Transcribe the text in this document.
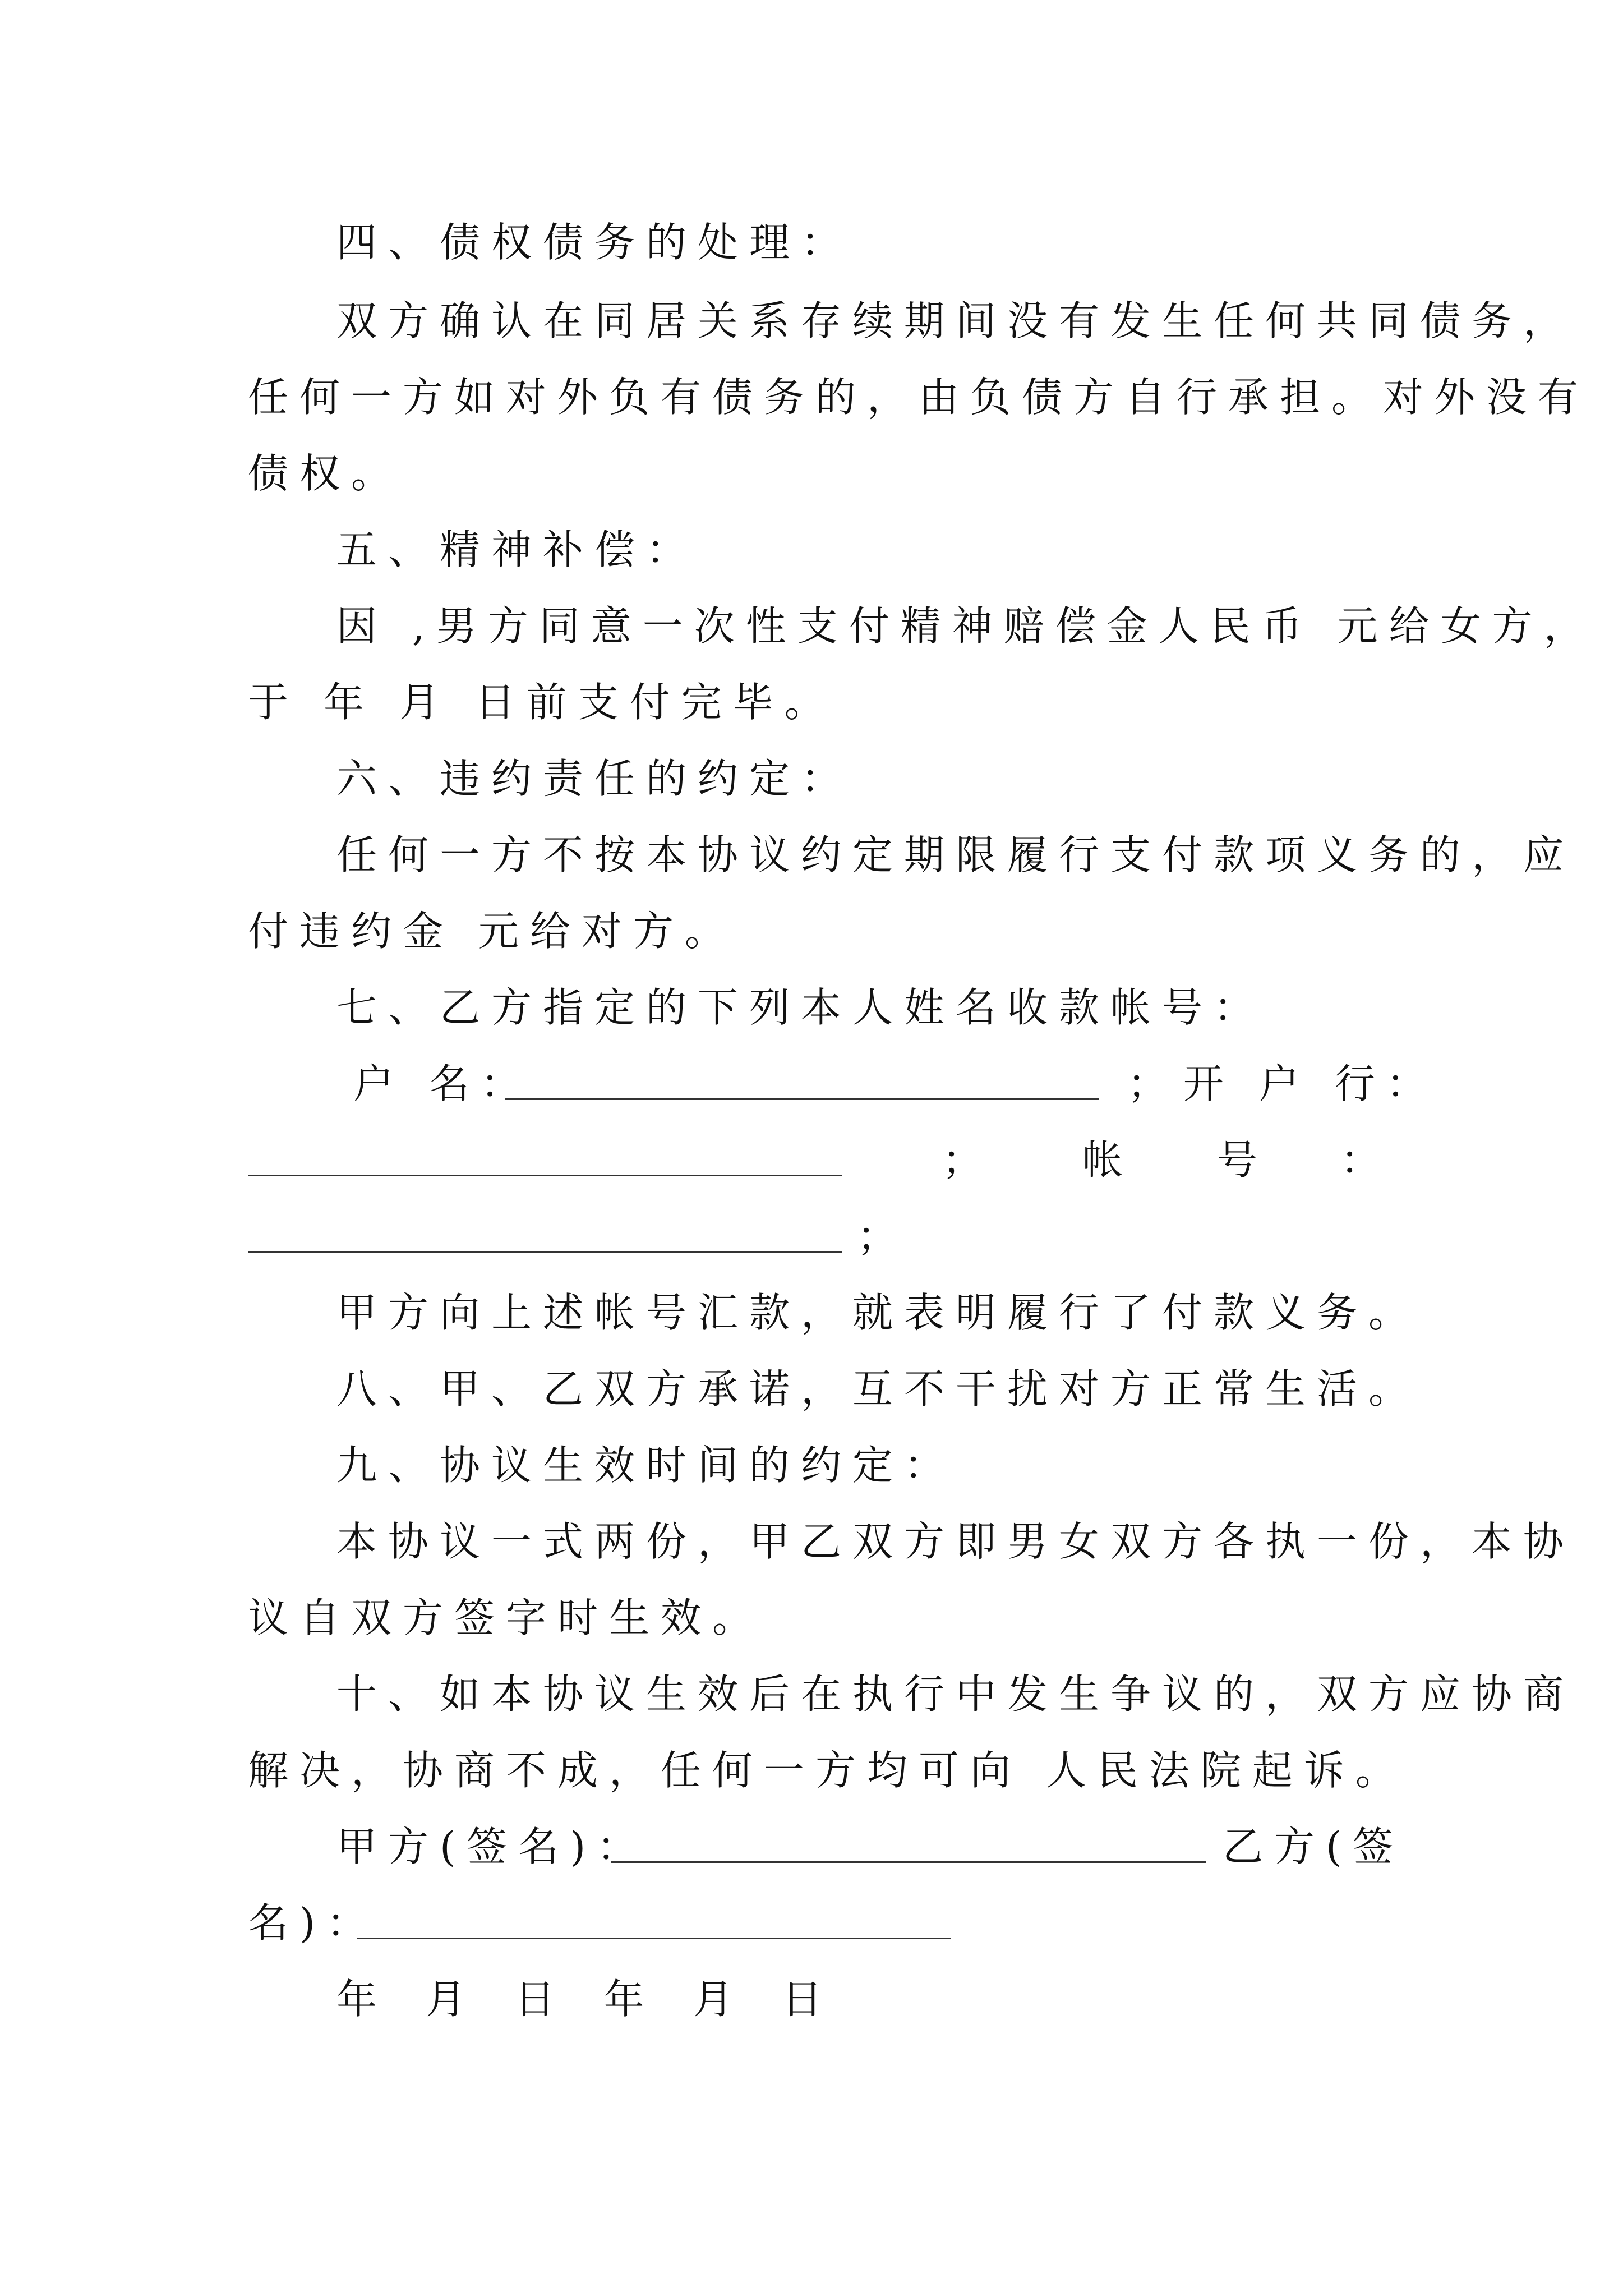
四、债权债务的处理：
双方确认在同居关系存续期间没有发生任何共同债务，
任何一方如对外负有债务的，由负债方自行承担。对外没有
债权。
五、精神补偿：
因 ,男方同意一次性支付精神赔偿金人民币 元给女方，
于 年 月 日前支付完毕。
六、违约责任的约定：
任何一方不按本协议约定期限履行支付款项义务的，应
付违约金 元给对方。
七、乙方指定的下列本人姓名收款帐号：
户 名：	； 开 户 行：
； 帐 号 ：
；
甲方向上述帐号汇款，就表明履行了付款义务。
八、甲、乙双方承诺，互不干扰对方正常生活。
九、协议生效时间的约定：
本协议一式两份，甲乙双方即男女双方各执一份，本协
议自双方签字时生效。
十、如本协议生效后在执行中发生争议的，双方应协商
解决，协商不成，任何一方均可向 人民法院起诉。
甲方(签名)：	乙方(签
名)：
年 月 日 年 月 日
